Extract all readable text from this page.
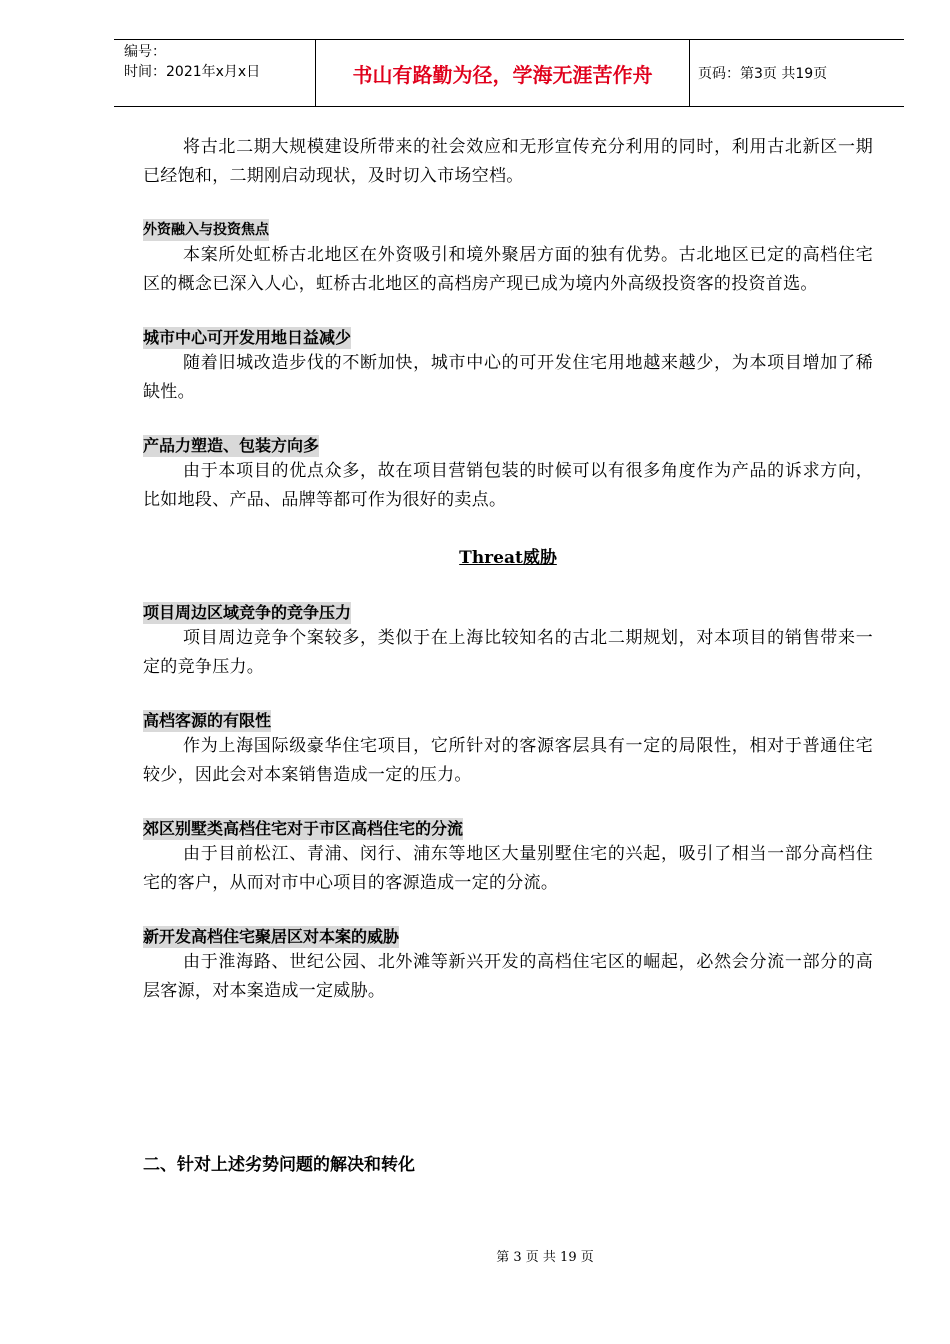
编号：
时间：2021年x月x日	书山有路勤为径，学海无涯苦作舟	页码：第3页 共19页

将古北二期大规模建设所带来的社会效应和无形宣传充分利用的同时，利用古北新区一期已经饱和，二期刚启动现状，及时切入市场空档。

外资融入与投资焦点

本案所处虹桥古北地区在外资吸引和境外聚居方面的独有优势。古北地区已定的高档住宅区的概念已深入人心，虹桥古北地区的高档房产现已成为境内外高级投资客的投资首选。

城市中心可开发用地日益减少

随着旧城改造步伐的不断加快，城市中心的可开发住宅用地越来越少，为本项目增加了稀缺性。

产品力塑造、包装方向多

由于本项目的优点众多，故在项目营销包装的时候可以有很多角度作为产品的诉求方向，比如地段、产品、品牌等都可作为很好的卖点。

Threat威胁
项目周边区域竞争的竞争压力

项目周边竞争个案较多，类似于在上海比较知名的古北二期规划，对本项目的销售带来一定的竞争压力。

高档客源的有限性

作为上海国际级豪华住宅项目，它所针对的客源客层具有一定的局限性，相对于普通住宅较少，因此会对本案销售造成一定的压力。

郊区别墅类高档住宅对于市区高档住宅的分流

由于目前松江、青浦、闵行、浦东等地区大量别墅住宅的兴起，吸引了相当一部分高档住宅的客户，从而对市中心项目的客源造成一定的分流。

新开发高档住宅聚居区对本案的威胁

由于淮海路、世纪公园、北外滩等新兴开发的高档住宅区的崛起，必然会分流一部分的高层客源，对本案造成一定威胁。

二、针对上述劣势问题的解决和转化
第 3 页 共 19 页
